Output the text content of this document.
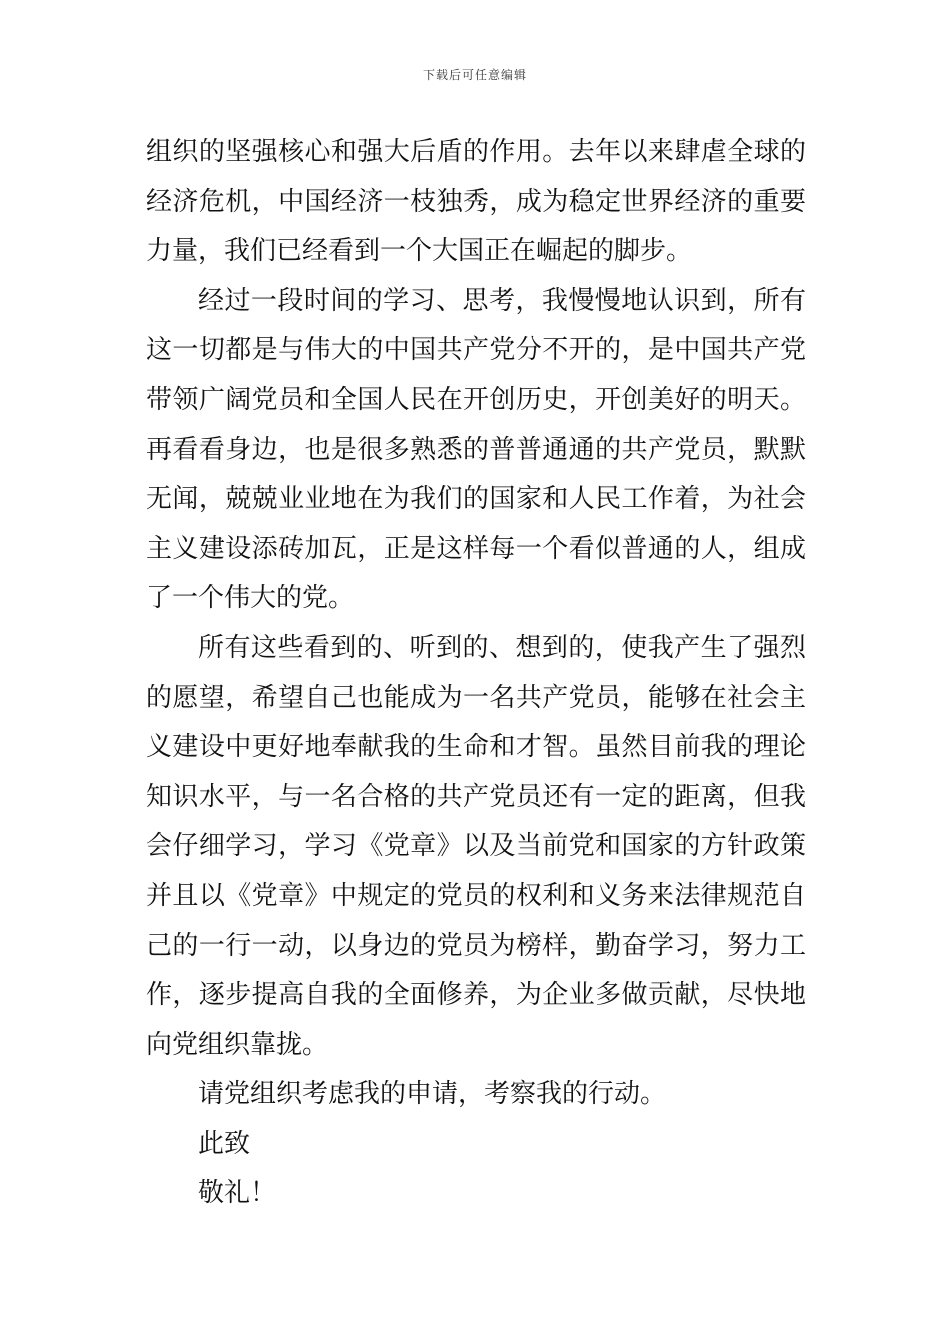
下载后可任意编辑

组织的坚强核心和强大后盾的作用。去年以来肆虐全球的经济危机，中国经济一枝独秀，成为稳定世界经济的重要力量，我们已经看到一个大国正在崛起的脚步。

经过一段时间的学习、思考，我慢慢地认识到，所有这一切都是与伟大的中国共产党分不开的，是中国共产党带领广阔党员和全国人民在开创历史，开创美好的明天。再看看身边，也是很多熟悉的普普通通的共产党员，默默无闻，兢兢业业地在为我们的国家和人民工作着，为社会主义建设添砖加瓦，正是这样每一个看似普通的人，组成了一个伟大的党。

所有这些看到的、听到的、想到的，使我产生了强烈的愿望，希望自己也能成为一名共产党员，能够在社会主义建设中更好地奉献我的生命和才智。虽然目前我的理论知识水平，与一名合格的共产党员还有一定的距离，但我会仔细学习，学习《党章》以及当前党和国家的方针政策并且以《党章》中规定的党员的权利和义务来法律规范自己的一行一动，以身边的党员为榜样，勤奋学习，努力工作，逐步提高自我的全面修养，为企业多做贡献，尽快地向党组织靠拢。

请党组织考虑我的申请，考察我的行动。

此致

敬礼！
